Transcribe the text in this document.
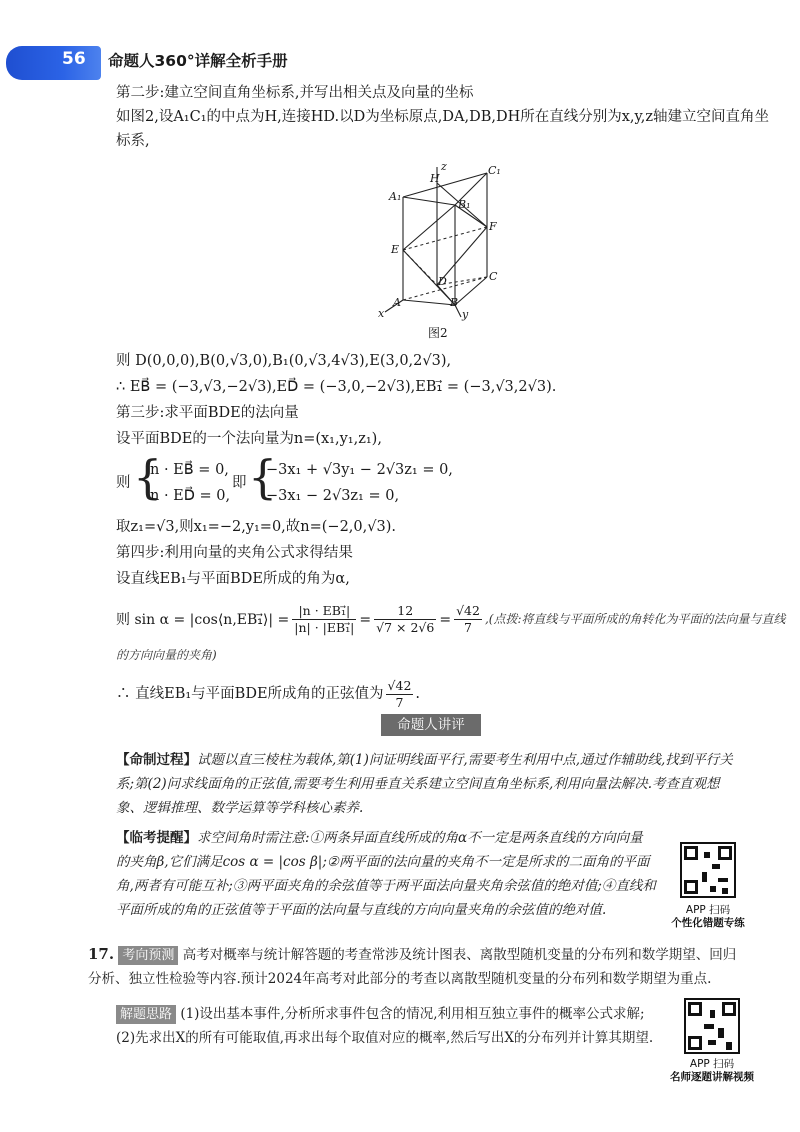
56 命题人360°详解全析手册
第二步:建立空间直角坐标系,并写出相关点及向量的坐标
如图2,设A₁C₁的中点为H,连接HD.以D为坐标原点,DA,DB,DH所在直线分别为x,y,z轴建立空间直角坐
标系,
C₁
A₁
B₁
H
z
E
F
D	C
A	B
x	y
图2
则 D(0,0,0),B(0,√3,0),B₁(0,√3,4√3),E(3,0,2√3),
∴ EB⃗ = (−3,√3,−2√3),ED⃗ = (−3,0,−2√3),EB₁⃗ = (−3,√3,2√3).
第三步:求平面BDE的法向量
设平面BDE的一个法向量为n=(x₁,y₁,z₁),
则 {
n · EB⃗ = 0,
n · ED⃗ = 0,
即 {
−3x₁ + √3y₁ − 2√3z₁ = 0,
−3x₁ − 2√3z₁ = 0,
取z₁=√3,则x₁=−2,y₁=0,故n=(−2,0,√3).
第四步:利用向量的夹角公式求得结果
设直线EB₁与平面BDE所成的角为α,
则 sin α = |cos⟨n,EB₁⃗⟩| = $\frac{\text{|n · EB₁⃗|}}{\text{|n| · |EB₁⃗|}} = \frac{12}{√7 \times 2√6} = \frac{√42}{7}$ ,(点拨:将直线与平面所成的角转化为平面的法向量与直线
的方向向量的夹角)
∴ 直线EB₁与平面BDE所成角的正弦值为 $\frac{√42}{7}$ .
命题人讲评
【命制过程】试题以直三棱柱为载体,第(1)问证明线面平行,需要考生利用中点,通过作辅助线,找到平行关系;第(2)问求线面角的正弦值,需要考生利用垂直关系建立空间直角坐标系,利用向量法解决.考查直观想象、逻辑推理、数学运算等学科核心素养.
【临考提醒】求空间角时需注意:①两条异面直线所成的角α不一定是两条直线的方向向量的夹角β,它们满足cos α = |cos β|;②两平面的法向量的夹角不一定是所求的二面角的平面角,两者有可能互补;③两平面夹角的余弦值等于两平面法向量夹角余弦值的绝对值;④直线和平面所成的角的正弦值等于平面的法向量与直线的方向向量夹角的余弦值的绝对值.	APP 扫码
个性化错题专练
17. 考向预测 高考对概率与统计解答题的考查常涉及统计图表、离散型随机变量的分布列和数学期望、回归分析、独立性检验等内容.预计2024年高考对此部分的考查以离散型随机变量的分布列和数学期望为重点.
解题思路 (1)设出基本事件,分析所求事件包含的情况,利用相互独立事件的概率公式求解;
(2)先求出X的所有可能取值,再求出每个取值对应的概率,然后写出X的分布列并计算其期望.
APP 扫码
名师逐题讲解视频
